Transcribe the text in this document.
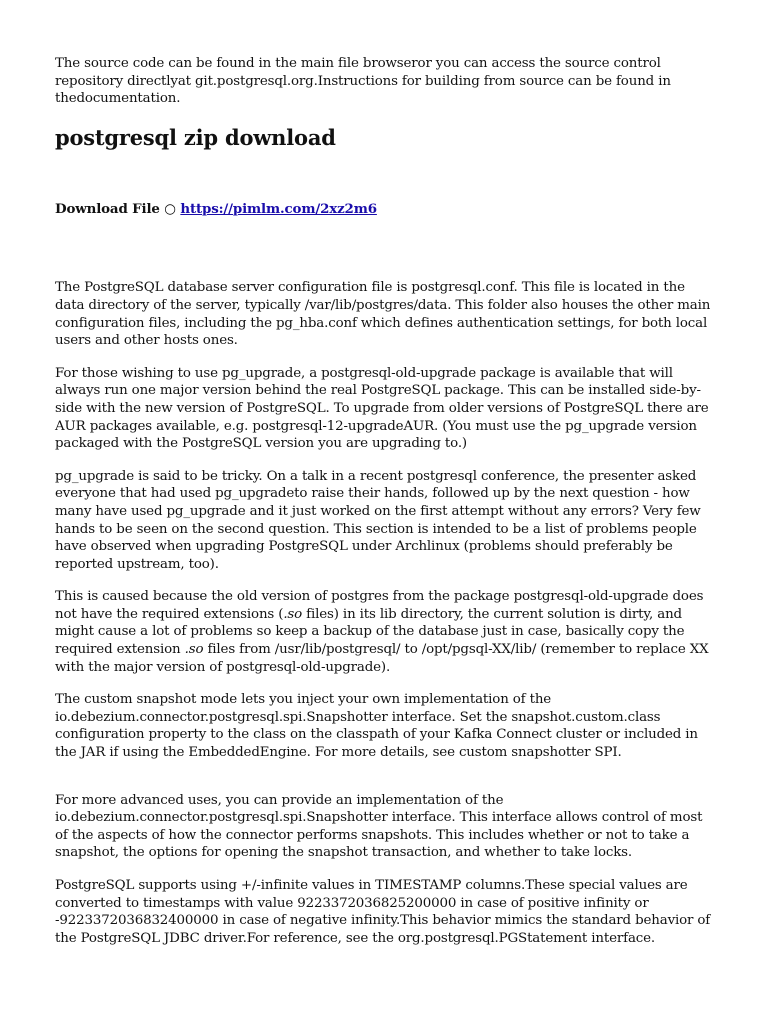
The source code can be found in the main file browseror you can access the source control repository directlyat git.postgresql.org.Instructions for building from source can be found in thedocumentation.

postgresql zip download
Download File ○ https://pimlm.com/2xz2m6

The PostgreSQL database server configuration file is postgresql.conf. This file is located in the data directory of the server, typically /var/lib/postgres/data. This folder also houses the other main configuration files, including the pg_hba.conf which defines authentication settings, for both local users and other hosts ones.

For those wishing to use pg_upgrade, a postgresql-old-upgrade package is available that will always run one major version behind the real PostgreSQL package. This can be installed side-by-side with the new version of PostgreSQL. To upgrade from older versions of PostgreSQL there are AUR packages available, e.g. postgresql-12-upgradeAUR. (You must use the pg_upgrade version packaged with the PostgreSQL version you are upgrading to.)

pg_upgrade is said to be tricky. On a talk in a recent postgresql conference, the presenter asked everyone that had used pg_upgradeto raise their hands, followed up by the next question - how many have used pg_upgrade and it just worked on the first attempt without any errors? Very few hands to be seen on the second question. This section is intended to be a list of problems people have observed when upgrading PostgreSQL under Archlinux (problems should preferably be reported upstream, too).

This is caused because the old version of postgres from the package postgresql-old-upgrade does not have the required extensions (.so files) in its lib directory, the current solution is dirty, and might cause a lot of problems so keep a backup of the database just in case, basically copy the required extension .so files from /usr/lib/postgresql/ to /opt/pgsql-XX/lib/ (remember to replace XX with the major version of postgresql-old-upgrade).

The custom snapshot mode lets you inject your own implementation of the io.debezium.connector.postgresql.spi.Snapshotter interface. Set the snapshot.custom.class configuration property to the class on the classpath of your Kafka Connect cluster or included in the JAR if using the EmbeddedEngine. For more details, see custom snapshotter SPI.

For more advanced uses, you can provide an implementation of the io.debezium.connector.postgresql.spi.Snapshotter interface. This interface allows control of most of the aspects of how the connector performs snapshots. This includes whether or not to take a snapshot, the options for opening the snapshot transaction, and whether to take locks.

PostgreSQL supports using +/-infinite values in TIMESTAMP columns.These special values are converted to timestamps with value 9223372036825200000 in case of positive infinity or -9223372036832400000 in case of negative infinity.This behavior mimics the standard behavior of the PostgreSQL JDBC driver.For reference, see the org.postgresql.PGStatement interface.
